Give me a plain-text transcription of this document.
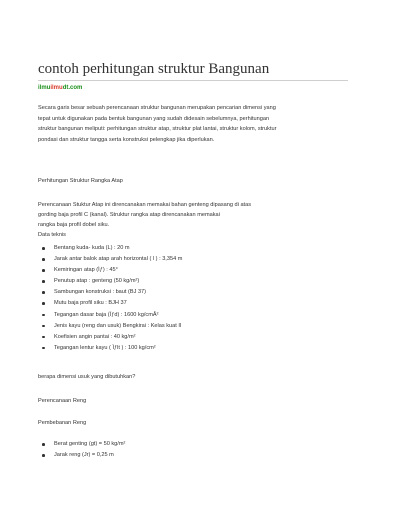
contoh perhitungan struktur Bangunan
ilmuilmudt.com
Secara garis besar sebuah perencanaan struktur bangunan merupakan pencarian dimensi yang
tepat untuk digunakan pada bentuk bangunan yang sudah didesain sebelumnya, perhitungan
struktur bangunan meliputi: perhitungan struktur atap, struktur plat lantai, struktur kolom, struktur
pondasi dan struktur tangga serta konstruksi pelengkap jika diperlukan.
Perhitungan Struktur Rangka Atap
Perencanaan Stuktur Atap ini direncanakan memakai bahan genteng dipasang di atas
gording baja profil C (kanal). Struktur rangka atap direncanakan memakai
rangka baja profil dobel siku.
Data teknis
Bentang kuda- kuda (L) : 20 m
Jarak antar balok atap arah horizontal ( l ) : 3,354 m
Kemiringan atap (Ìƒ) : 45°
Penutup atap : genteng (50 kg/m²)
Sambungan konstruksi : baut (BJ 37)
Mutu baja profil siku : BJH 37
Tegangan dasar baja (Ïƒd) : 1600 kg/cmÂ²
Jenis kayu (reng dan usuk) Bengkirai : Kelas kuat II
Koefisien angin pantai : 40 kg/m²
Tegangan lentur kayu ( Ïƒlt ) : 100 kg/cm²
berapa dimensi usuk yang dibutuhkan?
Perencanaan Reng
Pembebanan Reng
Berat genting (gt) = 50 kg/m²
Jarak reng (Jr) = 0,25 m
